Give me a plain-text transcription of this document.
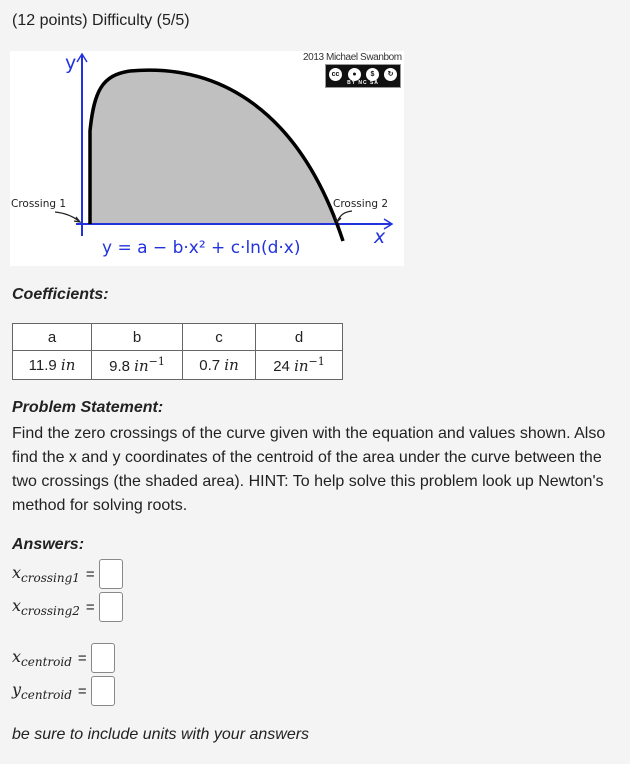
(12 points) Difficulty (5/5)
y
x
Crossing 1	Crossing 2
y = a − b·x² + c·ln(d·x)
2013 Michael Swanbom
cc	●	$	↻
BY NC SA
Coefficients:
a	b	c	d
11.9 in	9.8 $in^{-1}$	0.7 in	24 $in^{-1}$
Problem Statement:
Find the zero crossings of the curve given with the equation and values shown. Also find the x and y coordinates of the centroid of the area under the curve between the two crossings (the shaded area). HINT: To help solve this problem look up Newton's method for solving roots.
Answers:
$x_{crossing1}$ =
$x_{crossing2}$ =
$x_{centroid}$ =
$y_{centroid}$ =
be sure to include units with your answers
